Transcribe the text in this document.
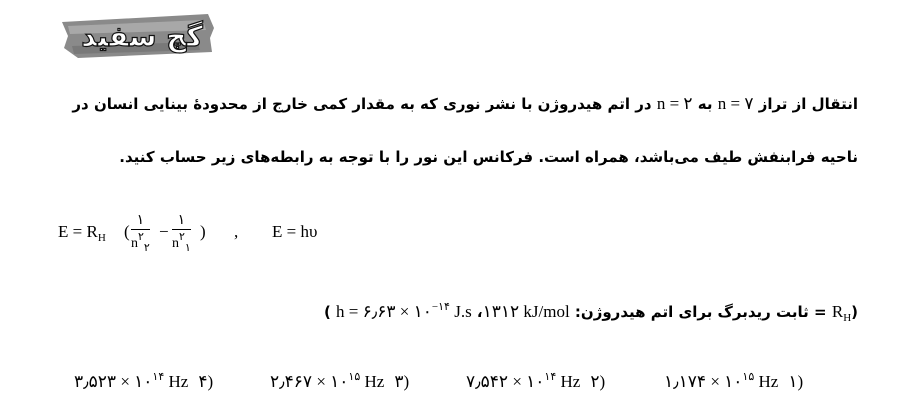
گچ سفید
انتقال از تراز n = ۷ به n = ۲ در اتم هیدروژن با نشر نوری که به مقدار کمی خارج از محدودهٔ بینایی انسان در
ناحیه فرابنفش طیف می‌باشد، همراه است. فرکانس این نور را با توجه به رابطه‌های زیر حساب کنید.
$E = R_H$ (
۱
$n^۲_۲$
−
۱
$n^۲_۱$
) , E = hυ
($R_H$ = ثابت ریدبرگ برای اتم هیدروژن: ۱۳۱۲ kJ/mol، h = ۶٫۶۳ × $۱۰^{-۱۴}$ J.s )
۱٫۱۷۴ × $۱۰^{۱۵}$ Hz ۱)
۷٫۵۴۲ × $۱۰^{۱۴}$ Hz ۲)
۲٫۴۶۷ × $۱۰^{۱۵}$ Hz ۳)
۳٫۵۲۳ × $۱۰^{۱۴}$ Hz ۴)
